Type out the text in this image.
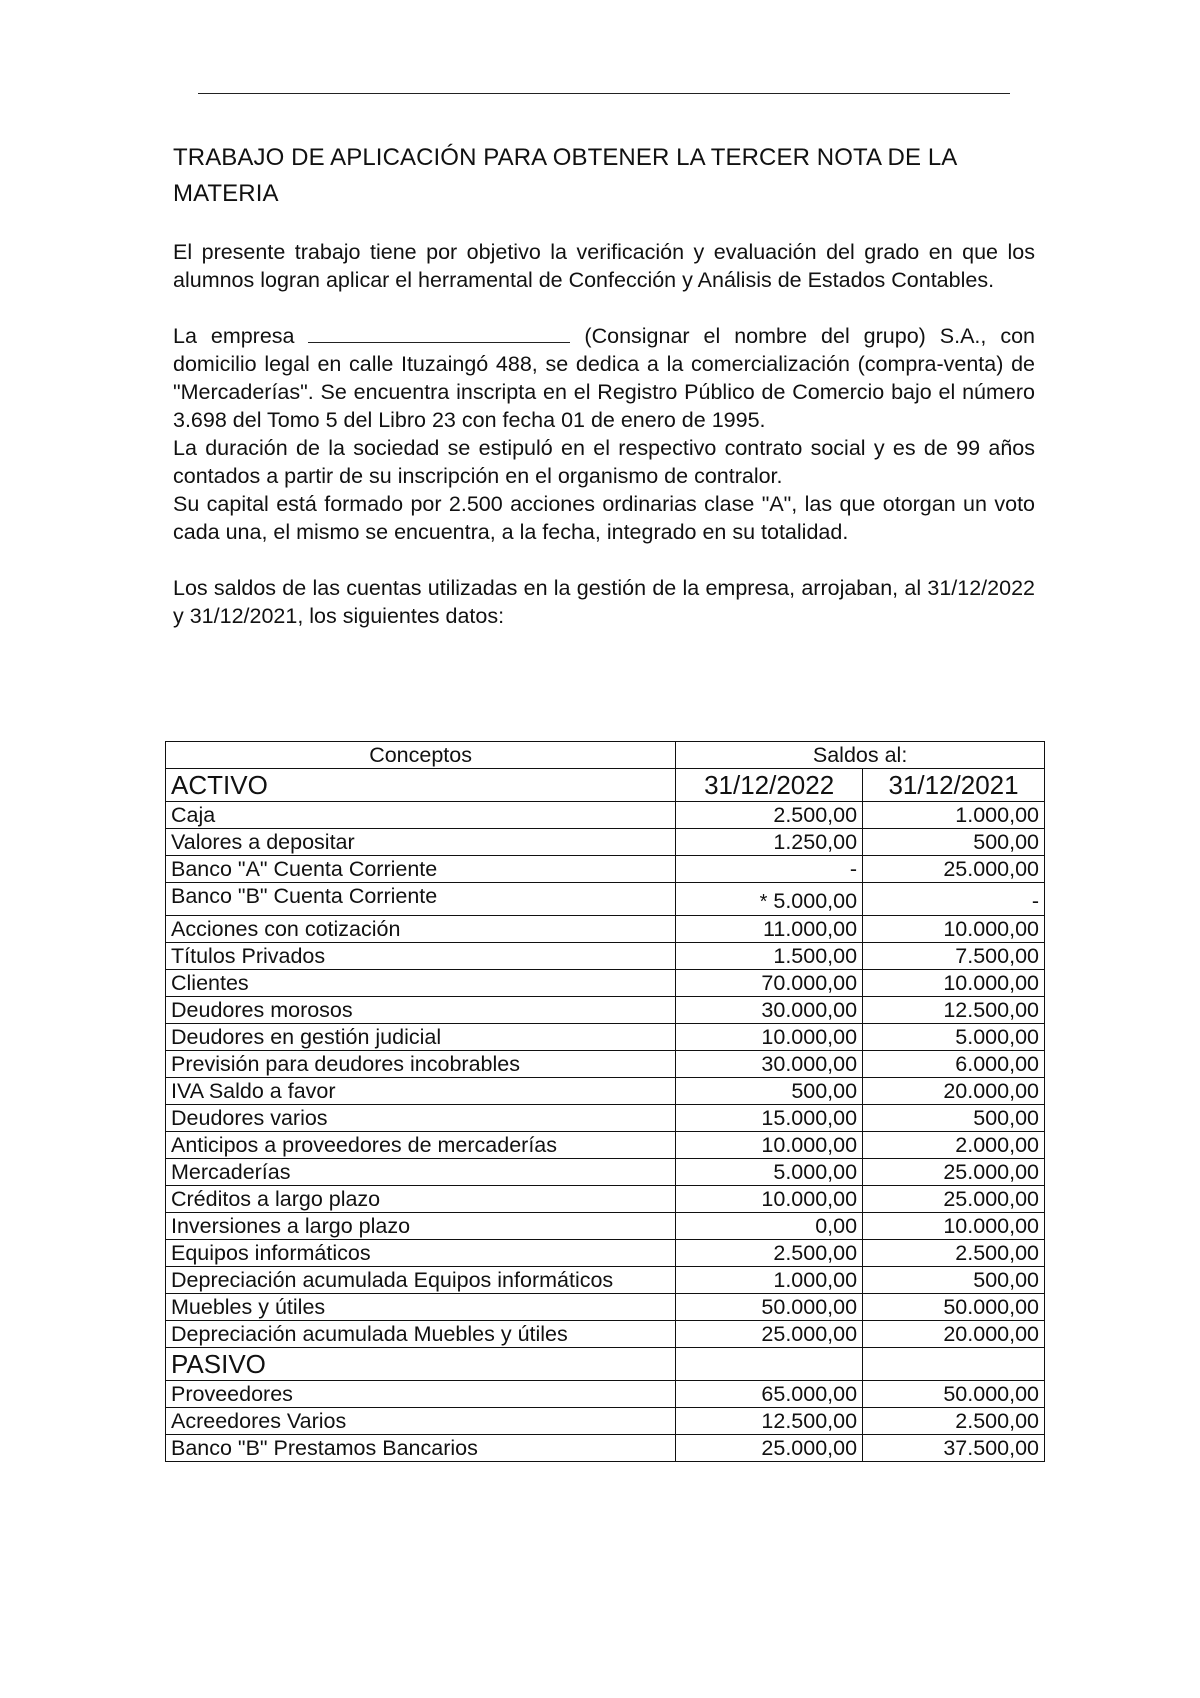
TRABAJO DE APLICACIÓN PARA OBTENER LA TERCER NOTA DE LA MATERIA

El presente trabajo tiene por objetivo la verificación y evaluación del grado en que los alumnos logran aplicar el herramental de Confección y Análisis de Estados Contables.

La empresa	(Consignar el nombre del grupo) S.A., con domicilio legal en calle Ituzaingó 488, se dedica a la comercialización (compra-venta) de "Mercaderías". Se encuentra inscripta en el Registro Público de Comercio bajo el número 3.698 del Tomo 5 del Libro 23 con fecha 01 de enero de 1995.

La duración de la sociedad se estipuló en el respectivo contrato social y es de 99 años contados a partir de su inscripción en el organismo de contralor.

Su capital está formado por 2.500 acciones ordinarias clase "A", las que otorgan un voto cada una, el mismo se encuentra, a la fecha, integrado en su totalidad.

Los saldos de las cuentas utilizadas en la gestión de la empresa, arrojaban, al 31/12/2022 y 31/12/2021, los siguientes datos:

Conceptos	Saldos al:	
ACTIVO	31/12/2022	31/12/2021
Caja	2.500,00	1.000,00
Valores a depositar	1.250,00	500,00
Banco "A" Cuenta Corriente	-	25.000,00
Banco "B" Cuenta Corriente	* 5.000,00	-
Acciones con cotización	11.000,00	10.000,00
Títulos Privados	1.500,00	7.500,00
Clientes	70.000,00	10.000,00
Deudores morosos	30.000,00	12.500,00
Deudores en gestión judicial	10.000,00	5.000,00
Previsión para deudores incobrables	30.000,00	6.000,00
IVA Saldo a favor	500,00	20.000,00
Deudores varios	15.000,00	500,00
Anticipos a proveedores de mercaderías	10.000,00	2.000,00
Mercaderías	5.000,00	25.000,00
Créditos a largo plazo	10.000,00	25.000,00
Inversiones a largo plazo	0,00	10.000,00
Equipos informáticos	2.500,00	2.500,00
Depreciación acumulada Equipos informáticos	1.000,00	500,00
Muebles y útiles	50.000,00	50.000,00
Depreciación acumulada Muebles y útiles	25.000,00	20.000,00
PASIVO		
Proveedores	65.000,00	50.000,00
Acreedores Varios	12.500,00	2.500,00
Banco "B" Prestamos Bancarios	25.000,00	37.500,00
